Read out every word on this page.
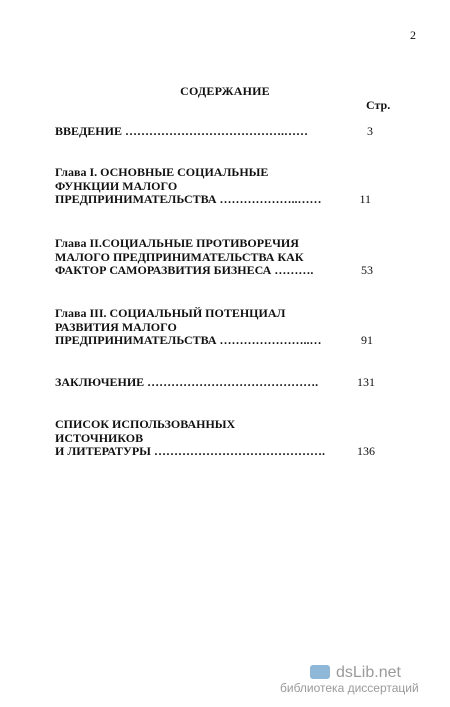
2
СОДЕРЖАНИЕ
Стр.
ВВЕДЕНИЕ ………………………………….……	3
Глава I. ОСНОВНЫЕ СОЦИАЛЬНЫЕ
ФУНКЦИИ МАЛОГО
ПРЕДПРИНИМАТЕЛЬСТВА ………………..……	11
Глава II.СОЦИАЛЬНЫЕ ПРОТИВОРЕЧИЯ
МАЛОГО ПРЕДПРИНИМАТЕЛЬСТВА КАК
ФАКТОР САМОРАЗВИТИЯ БИЗНЕСА ……….	53
Глава III. СОЦИАЛЬНЫЙ ПОТЕНЦИАЛ
РАЗВИТИЯ МАЛОГО
ПРЕДПРИНИМАТЕЛЬСТВА …………………..…	91
ЗАКЛЮЧЕНИЕ …………………………………….	131
СПИСОК ИСПОЛЬЗОВАННЫХ ИСТОЧНИКОВ
И ЛИТЕРАТУРЫ …………………………………….	136
dsLib.net
библиотека диссертаций
